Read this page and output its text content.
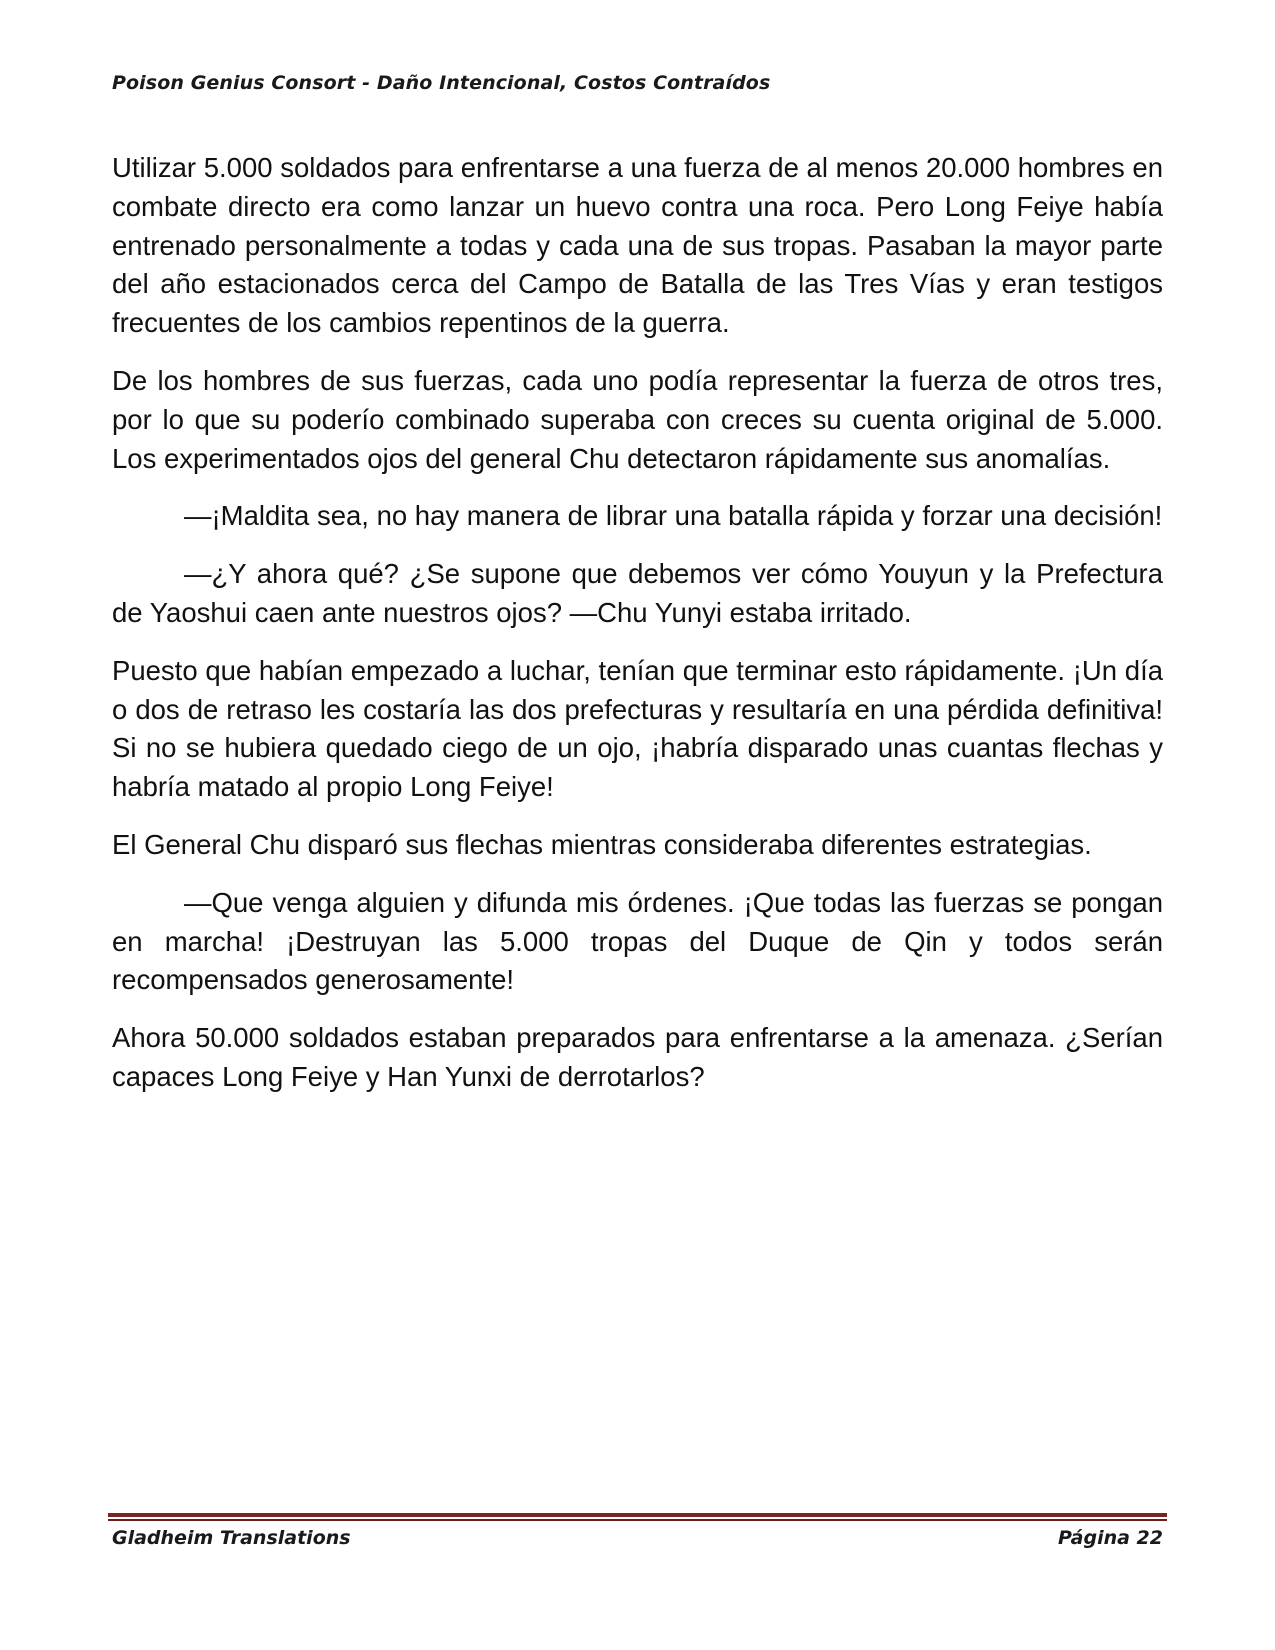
Poison Genius Consort - Daño Intencional, Costos Contraídos

Utilizar 5.000 soldados para enfrentarse a una fuerza de al menos 20.000 hombres en combate directo era como lanzar un huevo contra una roca. Pero Long Feiye había entrenado personalmente a todas y cada una de sus tropas. Pasaban la mayor parte del año estacionados cerca del Campo de Batalla de las Tres Vías y eran testigos frecuentes de los cambios repentinos de la guerra.

De los hombres de sus fuerzas, cada uno podía representar la fuerza de otros tres, por lo que su poderío combinado superaba con creces su cuenta original de 5.000. Los experimentados ojos del general Chu detectaron rápidamente sus anomalías.

—¡Maldita sea, no hay manera de librar una batalla rápida y forzar una decisión!

—¿Y ahora qué? ¿Se supone que debemos ver cómo Youyun y la Prefectura de Yaoshui caen ante nuestros ojos? —Chu Yunyi estaba irritado.

Puesto que habían empezado a luchar, tenían que terminar esto rápidamente. ¡Un día o dos de retraso les costaría las dos prefecturas y resultaría en una pérdida definitiva! Si no se hubiera quedado ciego de un ojo, ¡habría disparado unas cuantas flechas y habría matado al propio Long Feiye!

El General Chu disparó sus flechas mientras consideraba diferentes estrategias.

—Que venga alguien y difunda mis órdenes. ¡Que todas las fuerzas se pongan en marcha! ¡Destruyan las 5.000 tropas del Duque de Qin y todos serán recompensados generosamente!

Ahora 50.000 soldados estaban preparados para enfrentarse a la amenaza. ¿Serían capaces Long Feiye y Han Yunxi de derrotarlos?

Gladheim Translations	Página 22
